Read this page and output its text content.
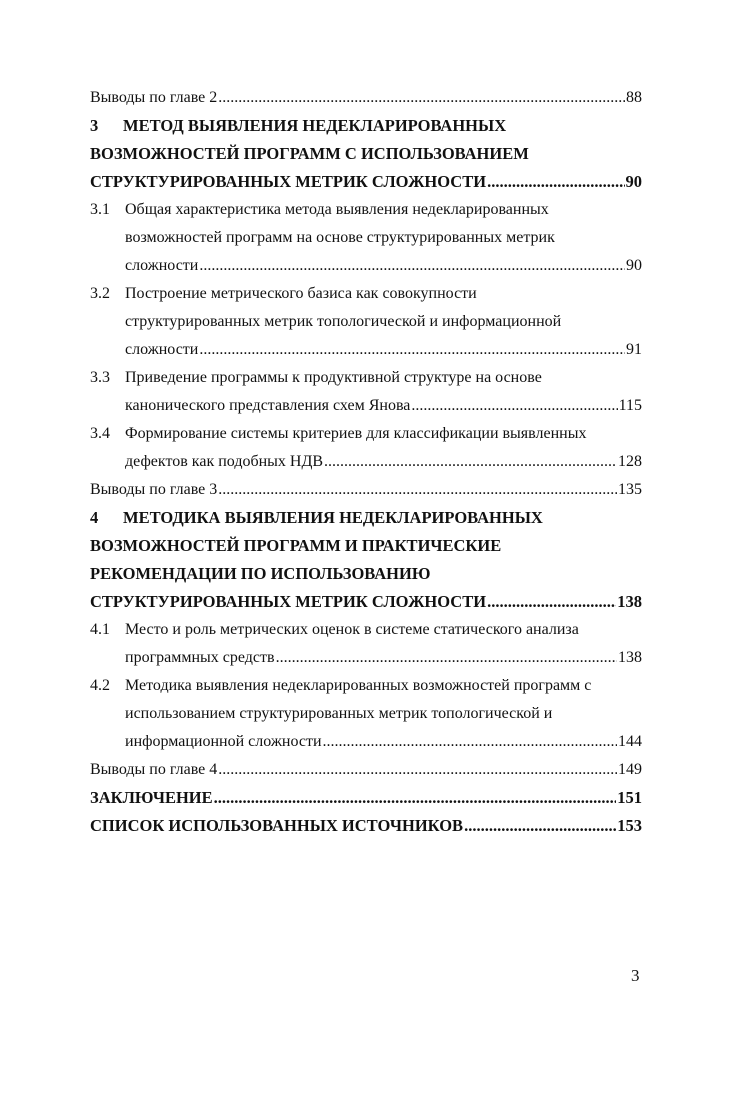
Выводы по главе 2 .....	88
3	МЕТОД ВЫЯВЛЕНИЯ НЕДЕКЛАРИРОВАННЫХ
ВОЗМОЖНОСТЕЙ ПРОГРАММ С ИСПОЛЬЗОВАНИЕМ
СТРУКТУРИРОВАННЫХ МЕТРИК СЛОЖНОСТИ .....	90
3.1 Общая характеристика метода выявления недекларированных
возможностей программ на основе структурированных метрик
сложности .....	90
3.2 Построение метрического базиса как совокупности
структурированных метрик топологической и информационной
сложности .....	91
3.3 Приведение программы к продуктивной структуре на основе
канонического представления схем Янова .....	115
3.4 Формирование системы критериев для классификации выявленных
дефектов как подобных НДВ .....	128
Выводы по главе 3 .....	135
4	МЕТОДИКА ВЫЯВЛЕНИЯ НЕДЕКЛАРИРОВАННЫХ
ВОЗМОЖНОСТЕЙ ПРОГРАММ И ПРАКТИЧЕСКИЕ
РЕКОМЕНДАЦИИ ПО ИСПОЛЬЗОВАНИЮ
СТРУКТУРИРОВАННЫХ МЕТРИК СЛОЖНОСТИ .....	138
4.1 Место и роль метрических оценок в системе статического анализа
программных средств .....	138
4.2 Методика выявления недекларированных возможностей программ с
использованием структурированных метрик топологической и
информационной сложности .....	144
Выводы по главе 4 .....	149
ЗАКЛЮЧЕНИЕ .....	151
СПИСОК ИСПОЛЬЗОВАННЫХ ИСТОЧНИКОВ .....	153
3
